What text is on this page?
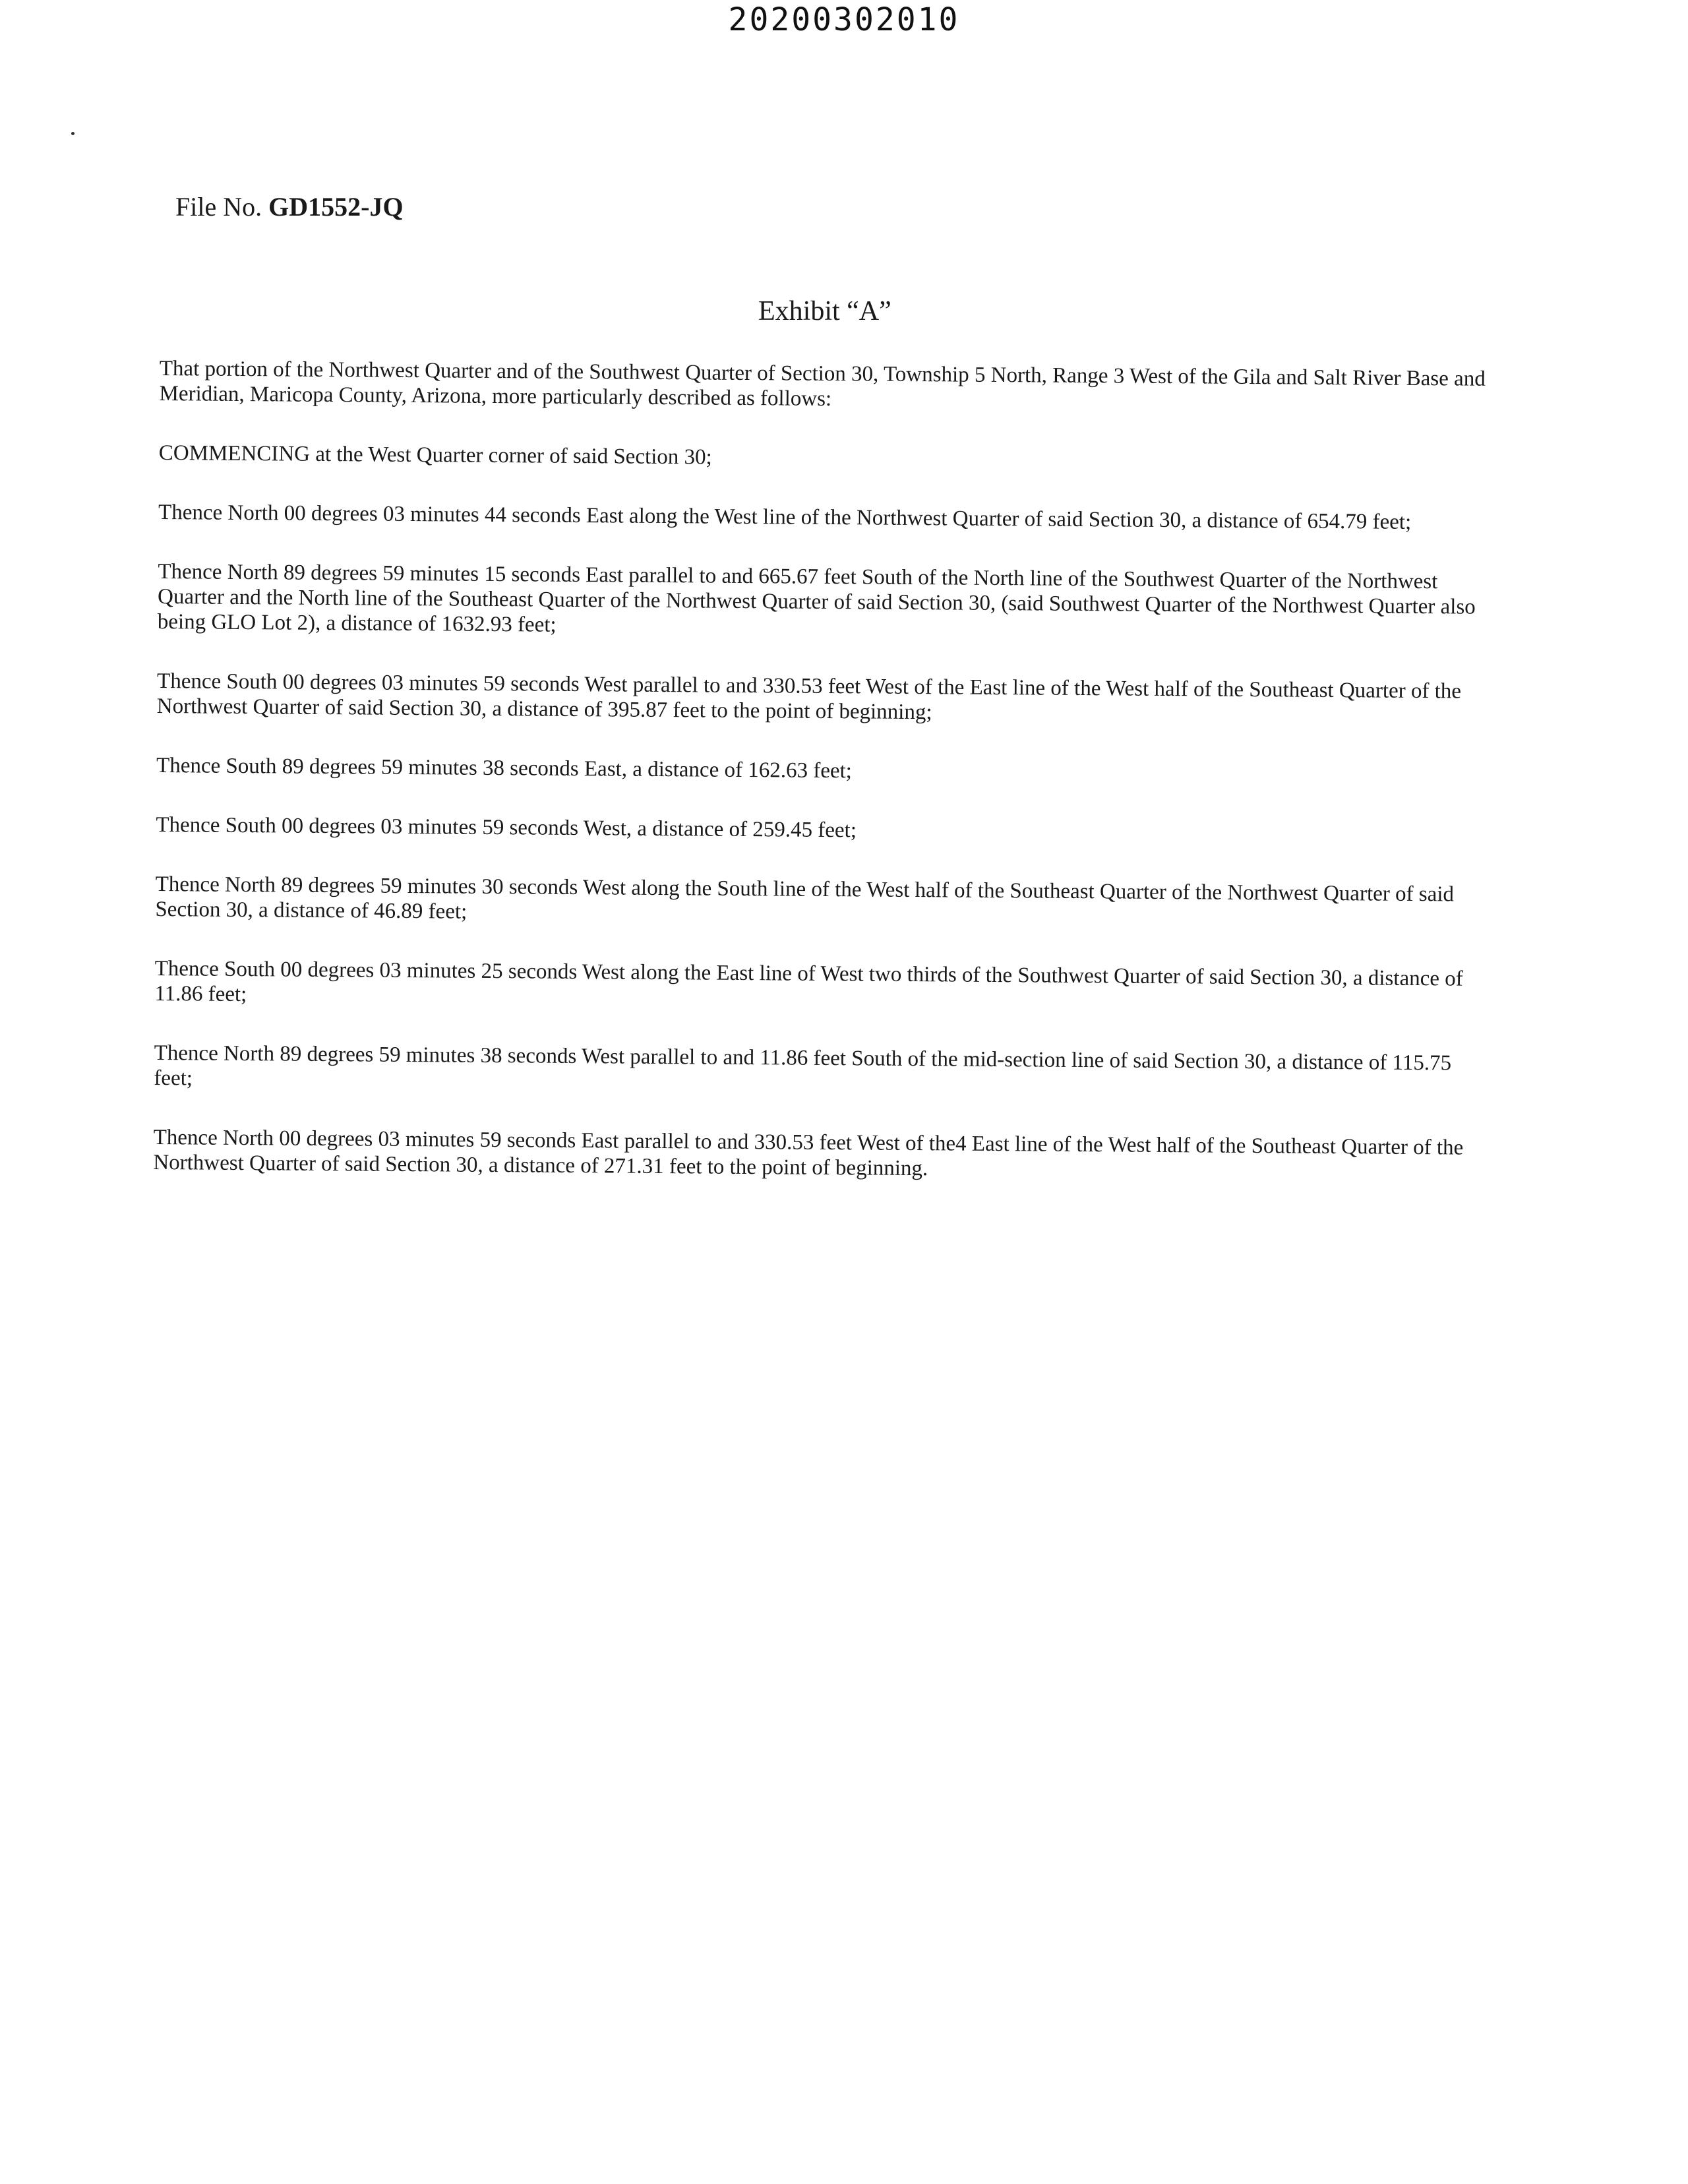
20200302010
File No. GD1552-JQ
Exhibit “A”

That portion of the Northwest Quarter and of the Southwest Quarter of Section 30, Township 5 North, Range 3 West of the Gila and Salt River Base and Meridian, Maricopa County, Arizona, more particularly described as follows:

COMMENCING at the West Quarter corner of said Section 30;

Thence North 00 degrees 03 minutes 44 seconds East along the West line of the Northwest Quarter of said Section 30, a distance of 654.79 feet;

Thence North 89 degrees 59 minutes 15 seconds East parallel to and 665.67 feet South of the North line of the Southwest Quarter of the Northwest Quarter and the North line of the Southeast Quarter of the Northwest Quarter of said Section 30, (said Southwest Quarter of the Northwest Quarter also being GLO Lot 2), a distance of 1632.93 feet;

Thence South 00 degrees 03 minutes 59 seconds West parallel to and 330.53 feet West of the East line of the West half of the Southeast Quarter of the Northwest Quarter of said Section 30, a distance of 395.87 feet to the point of beginning;

Thence South 89 degrees 59 minutes 38 seconds East, a distance of 162.63 feet;

Thence South 00 degrees 03 minutes 59 seconds West, a distance of 259.45 feet;

Thence North 89 degrees 59 minutes 30 seconds West along the South line of the West half of the Southeast Quarter of the Northwest Quarter of said Section 30, a distance of 46.89 feet;

Thence South 00 degrees 03 minutes 25 seconds West along the East line of West two thirds of the Southwest Quarter of said Section 30, a distance of 11.86 feet;

Thence North 89 degrees 59 minutes 38 seconds West parallel to and 11.86 feet South of the mid-section line of said Section 30, a distance of 115.75 feet;

Thence North 00 degrees 03 minutes 59 seconds East parallel to and 330.53 feet West of the4 East line of the West half of the Southeast Quarter of the Northwest Quarter of said Section 30, a distance of 271.31 feet to the point of beginning.
